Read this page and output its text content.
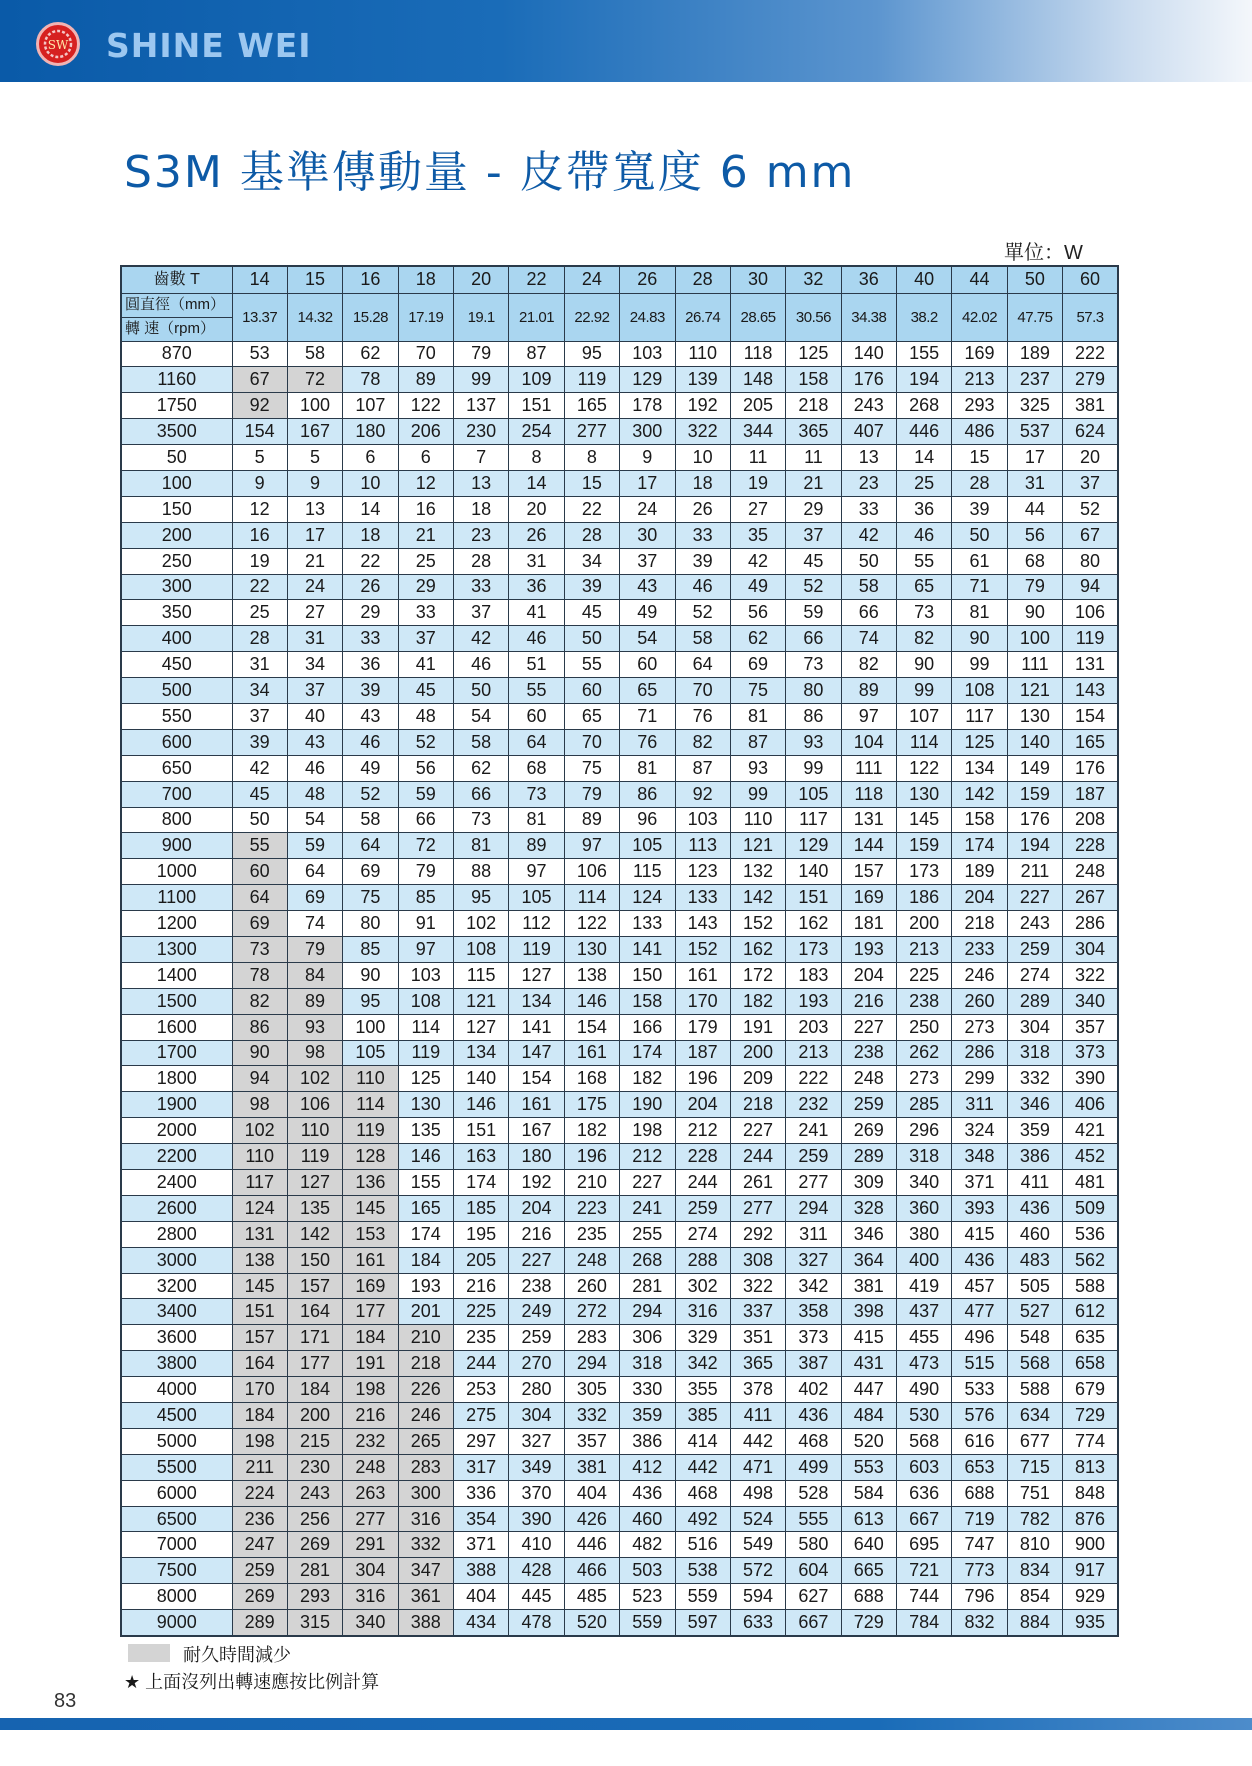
SW SHINE WEI
S3M 基準傳動量 - 皮帶寬度 6 mm
單位：W
齒數 T	14	15	16	18	20	22	24	26	28	30	32	36	40	44	50	60
圓直徑（mm）	13.37	14.32	15.28	17.19	19.1	21.01	22.92	24.83	26.74	28.65	30.56	34.38	38.2	42.02	47.75	57.3
轉 速（rpm）																
870	53	58	62	70	79	87	95	103	110	118	125	140	155	169	189	222
1160	67	72	78	89	99	109	119	129	139	148	158	176	194	213	237	279
1750	92	100	107	122	137	151	165	178	192	205	218	243	268	293	325	381
3500	154	167	180	206	230	254	277	300	322	344	365	407	446	486	537	624
50	5	5	6	6	7	8	8	9	10	11	11	13	14	15	17	20
100	9	9	10	12	13	14	15	17	18	19	21	23	25	28	31	37
150	12	13	14	16	18	20	22	24	26	27	29	33	36	39	44	52
200	16	17	18	21	23	26	28	30	33	35	37	42	46	50	56	67
250	19	21	22	25	28	31	34	37	39	42	45	50	55	61	68	80
300	22	24	26	29	33	36	39	43	46	49	52	58	65	71	79	94
350	25	27	29	33	37	41	45	49	52	56	59	66	73	81	90	106
400	28	31	33	37	42	46	50	54	58	62	66	74	82	90	100	119
450	31	34	36	41	46	51	55	60	64	69	73	82	90	99	111	131
500	34	37	39	45	50	55	60	65	70	75	80	89	99	108	121	143
550	37	40	43	48	54	60	65	71	76	81	86	97	107	117	130	154
600	39	43	46	52	58	64	70	76	82	87	93	104	114	125	140	165
650	42	46	49	56	62	68	75	81	87	93	99	111	122	134	149	176
700	45	48	52	59	66	73	79	86	92	99	105	118	130	142	159	187
800	50	54	58	66	73	81	89	96	103	110	117	131	145	158	176	208
900	55	59	64	72	81	89	97	105	113	121	129	144	159	174	194	228
1000	60	64	69	79	88	97	106	115	123	132	140	157	173	189	211	248
1100	64	69	75	85	95	105	114	124	133	142	151	169	186	204	227	267
1200	69	74	80	91	102	112	122	133	143	152	162	181	200	218	243	286
1300	73	79	85	97	108	119	130	141	152	162	173	193	213	233	259	304
1400	78	84	90	103	115	127	138	150	161	172	183	204	225	246	274	322
1500	82	89	95	108	121	134	146	158	170	182	193	216	238	260	289	340
1600	86	93	100	114	127	141	154	166	179	191	203	227	250	273	304	357
1700	90	98	105	119	134	147	161	174	187	200	213	238	262	286	318	373
1800	94	102	110	125	140	154	168	182	196	209	222	248	273	299	332	390
1900	98	106	114	130	146	161	175	190	204	218	232	259	285	311	346	406
2000	102	110	119	135	151	167	182	198	212	227	241	269	296	324	359	421
2200	110	119	128	146	163	180	196	212	228	244	259	289	318	348	386	452
2400	117	127	136	155	174	192	210	227	244	261	277	309	340	371	411	481
2600	124	135	145	165	185	204	223	241	259	277	294	328	360	393	436	509
2800	131	142	153	174	195	216	235	255	274	292	311	346	380	415	460	536
3000	138	150	161	184	205	227	248	268	288	308	327	364	400	436	483	562
3200	145	157	169	193	216	238	260	281	302	322	342	381	419	457	505	588
3400	151	164	177	201	225	249	272	294	316	337	358	398	437	477	527	612
3600	157	171	184	210	235	259	283	306	329	351	373	415	455	496	548	635
3800	164	177	191	218	244	270	294	318	342	365	387	431	473	515	568	658
4000	170	184	198	226	253	280	305	330	355	378	402	447	490	533	588	679
4500	184	200	216	246	275	304	332	359	385	411	436	484	530	576	634	729
5000	198	215	232	265	297	327	357	386	414	442	468	520	568	616	677	774
5500	211	230	248	283	317	349	381	412	442	471	499	553	603	653	715	813
6000	224	243	263	300	336	370	404	436	468	498	528	584	636	688	751	848
6500	236	256	277	316	354	390	426	460	492	524	555	613	667	719	782	876
7000	247	269	291	332	371	410	446	482	516	549	580	640	695	747	810	900
7500	259	281	304	347	388	428	466	503	538	572	604	665	721	773	834	917
8000	269	293	316	361	404	445	485	523	559	594	627	688	744	796	854	929
9000	289	315	340	388	434	478	520	559	597	633	667	729	784	832	884	935
耐久時間減少
★ 上面沒列出轉速應按比例計算
83
